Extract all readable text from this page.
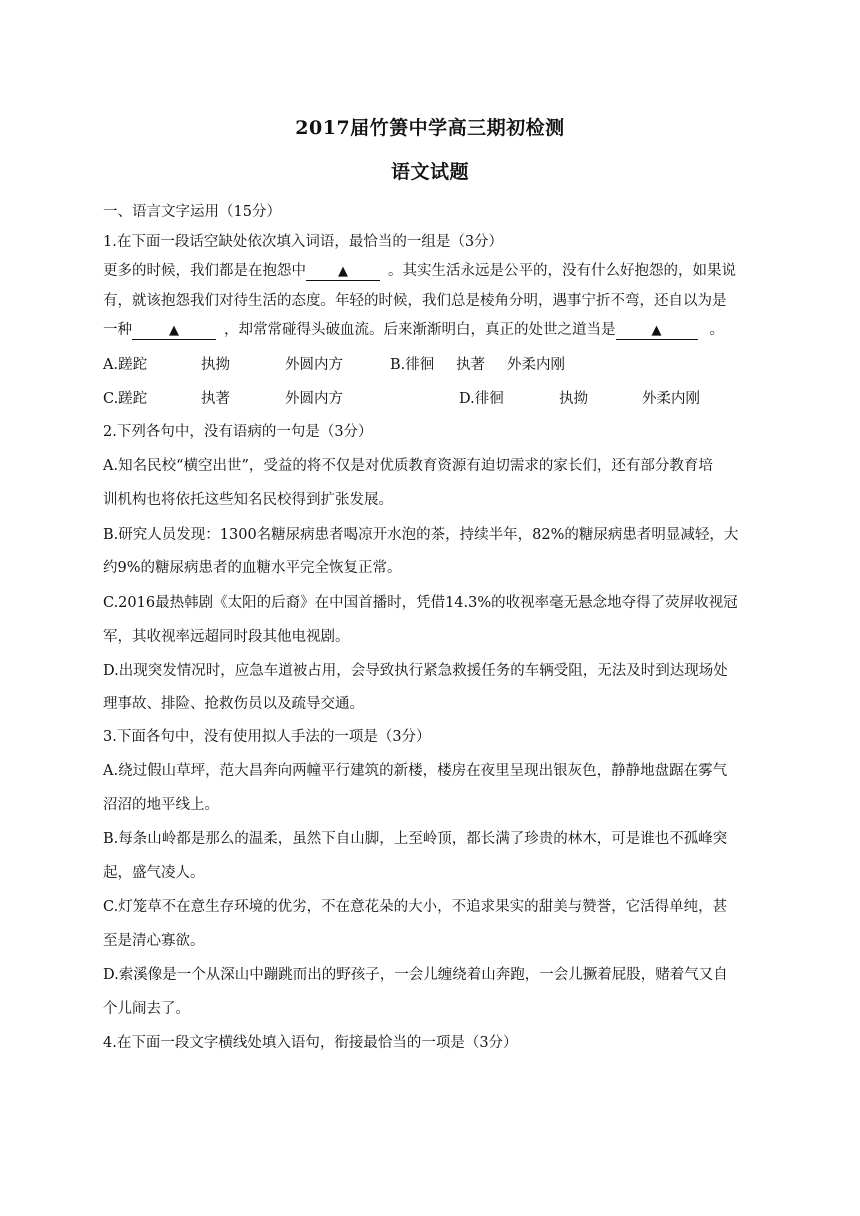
2017届竹箦中学高三期初检测
语文试题
一、语言文字运用（15分）
1.在下面一段话空缺处依次填入词语，最恰当的一组是（3分）
更多的时候，我们都是在抱怨中 ▲	。其实生活永远是公平的，没有什么好抱怨的，如果说
有，就该抱怨我们对待生活的态度。年轻的时候，我们总是棱角分明，遇事宁折不弯，还自以为是
一种	▲	，却常常碰得头破血流。后来渐渐明白，真正的处世之道当是	▲	。
A.蹉跎	执拗	外圆内方	B.徘徊 执著 外柔内刚
C.蹉跎	执著	外圆内方	D.徘徊	执拗	外柔内刚
2.下列各句中，没有语病的一句是（3分）
A.知名民校“横空出世”，受益的将不仅是对优质教育资源有迫切需求的家长们，还有部分教育培
训机构也将依托这些知名民校得到扩张发展。
B.研究人员发现：1300名糖尿病患者喝凉开水泡的茶，持续半年，82%的糖尿病患者明显减轻，大
约9%的糖尿病患者的血糖水平完全恢复正常。
C.2016最热韩剧《太阳的后裔》在中国首播时，凭借14.3%的收视率毫无悬念地夺得了荧屏收视冠
军，其收视率远超同时段其他电视剧。
D.出现突发情况时，应急车道被占用，会导致执行紧急救援任务的车辆受阻，无法及时到达现场处
理事故、排险、抢救伤员以及疏导交通。
3.下面各句中，没有使用拟人手法的一项是（3分）
A.绕过假山草坪，范大昌奔向两幢平行建筑的新楼，楼房在夜里呈现出银灰色，静静地盘踞在雾气
沼沼的地平线上。
B.每条山岭都是那么的温柔，虽然下自山脚，上至岭顶，都长满了珍贵的林木，可是谁也不孤峰突
起，盛气凌人。
C.灯笼草不在意生存环境的优劣，不在意花朵的大小，不追求果实的甜美与赞誉，它活得单纯，甚
至是清心寡欲。
D.索溪像是一个从深山中蹦跳而出的野孩子，一会儿缠绕着山奔跑，一会儿撅着屁股，赌着气又自
个儿闹去了。
4.在下面一段文字横线处填入语句，衔接最恰当的一项是（3分）
